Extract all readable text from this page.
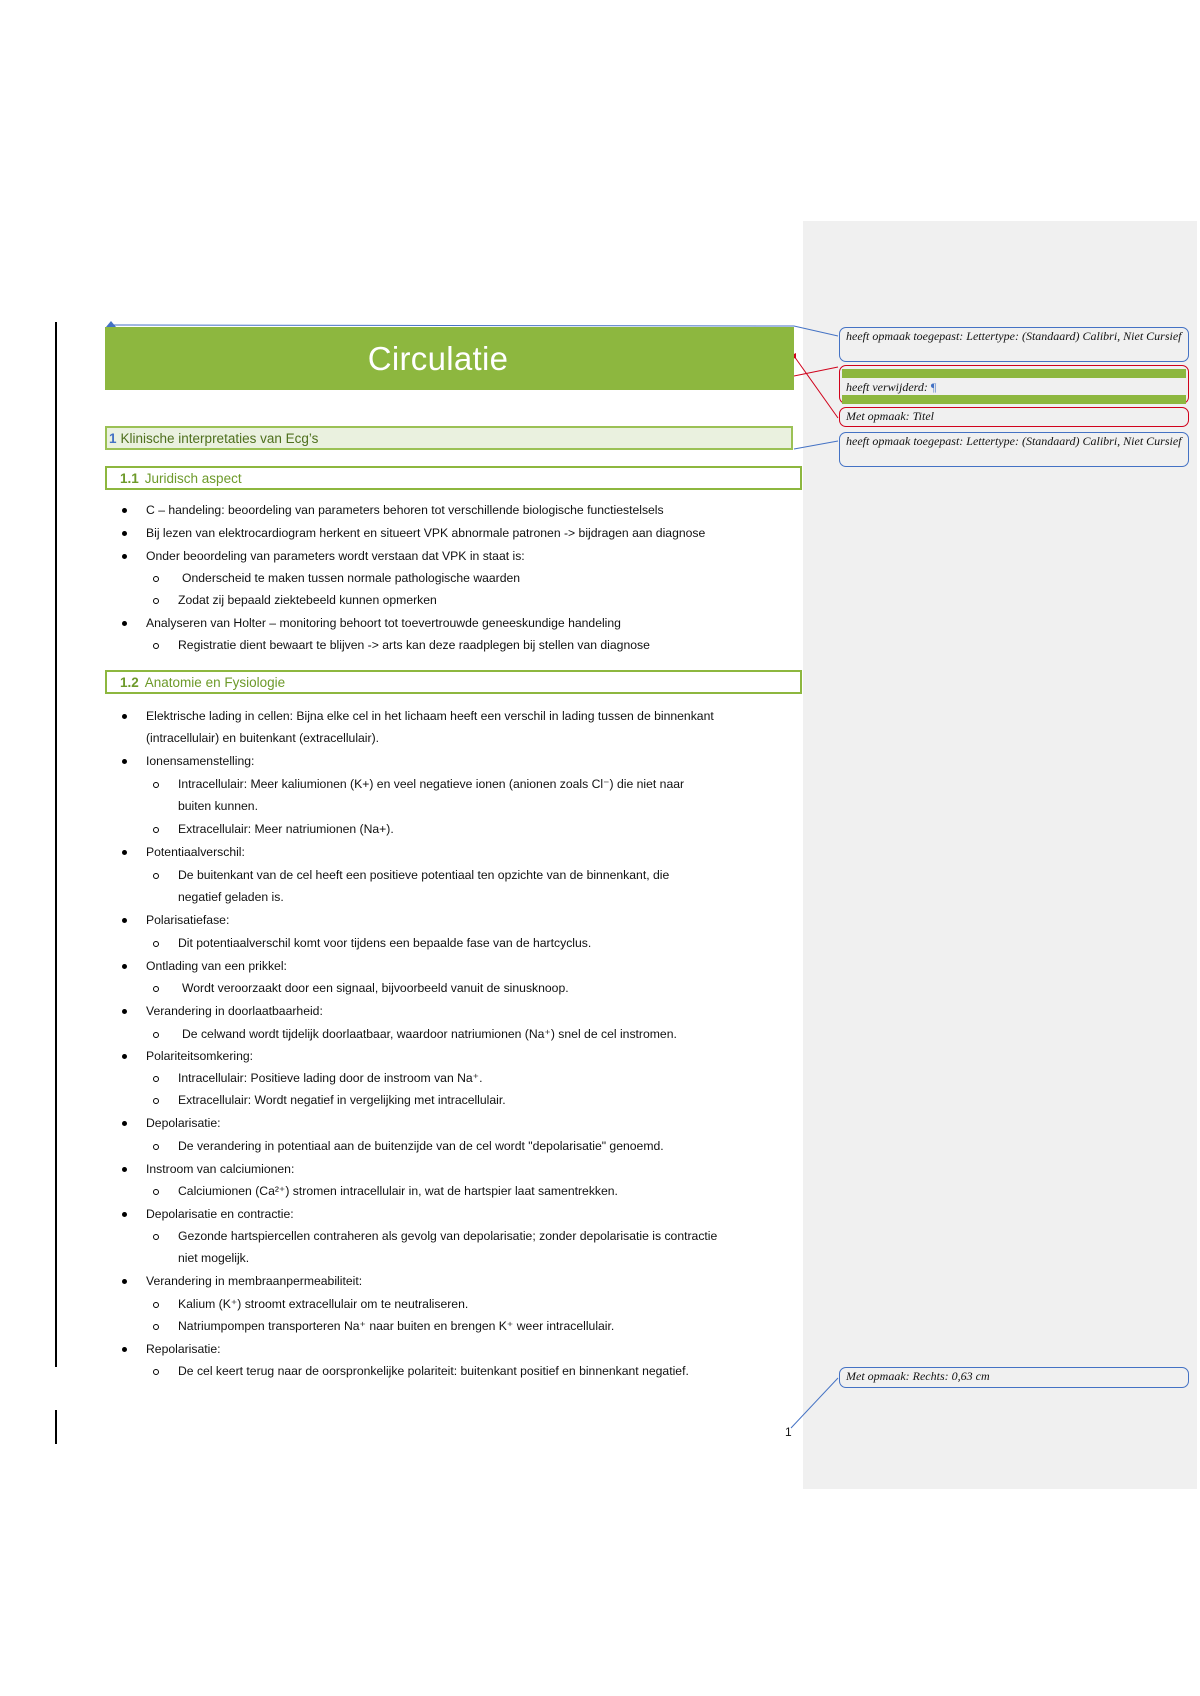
Circulatie
1 Klinische interpretaties van Ecg’s
1.1 Juridisch aspect
C – handeling: beoordeling van parameters behoren tot verschillende biologische functiestelsels
Bij lezen van elektrocardiogram herkent en situeert VPK abnormale patronen -> bijdragen aan diagnose
Onder beoordeling van parameters wordt verstaan dat VPK in staat is:
Onderscheid te maken tussen normale pathologische waarden
Zodat zij bepaald ziektebeeld kunnen opmerken
Analyseren van Holter – monitoring behoort tot toevertrouwde geneeskundige handeling
Registratie dient bewaart te blijven -> arts kan deze raadplegen bij stellen van diagnose
1.2 Anatomie en Fysiologie
Elektrische lading in cellen: Bijna elke cel in het lichaam heeft een verschil in lading tussen de binnenkant
(intracellulair) en buitenkant (extracellulair).
Ionensamenstelling:
Intracellulair: Meer kaliumionen (K+) en veel negatieve ionen (anionen zoals Cl⁻) die niet naar
buiten kunnen.
Extracellulair: Meer natriumionen (Na+).
Potentiaalverschil:
De buitenkant van de cel heeft een positieve potentiaal ten opzichte van de binnenkant, die
negatief geladen is.
Polarisatiefase:
Dit potentiaalverschil komt voor tijdens een bepaalde fase van de hartcyclus.
Ontlading van een prikkel:
Wordt veroorzaakt door een signaal, bijvoorbeeld vanuit de sinusknoop.
Verandering in doorlaatbaarheid:
De celwand wordt tijdelijk doorlaatbaar, waardoor natriumionen (Na⁺) snel de cel instromen.
Polariteitsomkering:
Intracellulair: Positieve lading door de instroom van Na⁺.
Extracellulair: Wordt negatief in vergelijking met intracellulair.
Depolarisatie:
De verandering in potentiaal aan de buitenzijde van de cel wordt "depolarisatie" genoemd.
Instroom van calciumionen:
Calciumionen (Ca²⁺) stromen intracellulair in, wat de hartspier laat samentrekken.
Depolarisatie en contractie:
Gezonde hartspiercellen contraheren als gevolg van depolarisatie; zonder depolarisatie is contractie
niet mogelijk.
Verandering in membraanpermeabiliteit:
Kalium (K⁺) stroomt extracellulair om te neutraliseren.
Natriumpompen transporteren Na⁺ naar buiten en brengen K⁺ weer intracellulair.
Repolarisatie:
De cel keert terug naar de oorspronkelijke polariteit: buitenkant positief en binnenkant negatief.
1
heeft opmaak toegepast: Lettertype: (Standaard) Calibri, Niet Cursief
heeft verwijderd: ¶
Met opmaak: Titel
heeft opmaak toegepast: Lettertype: (Standaard) Calibri, Niet Cursief
Met opmaak: Rechts: 0,63 cm
